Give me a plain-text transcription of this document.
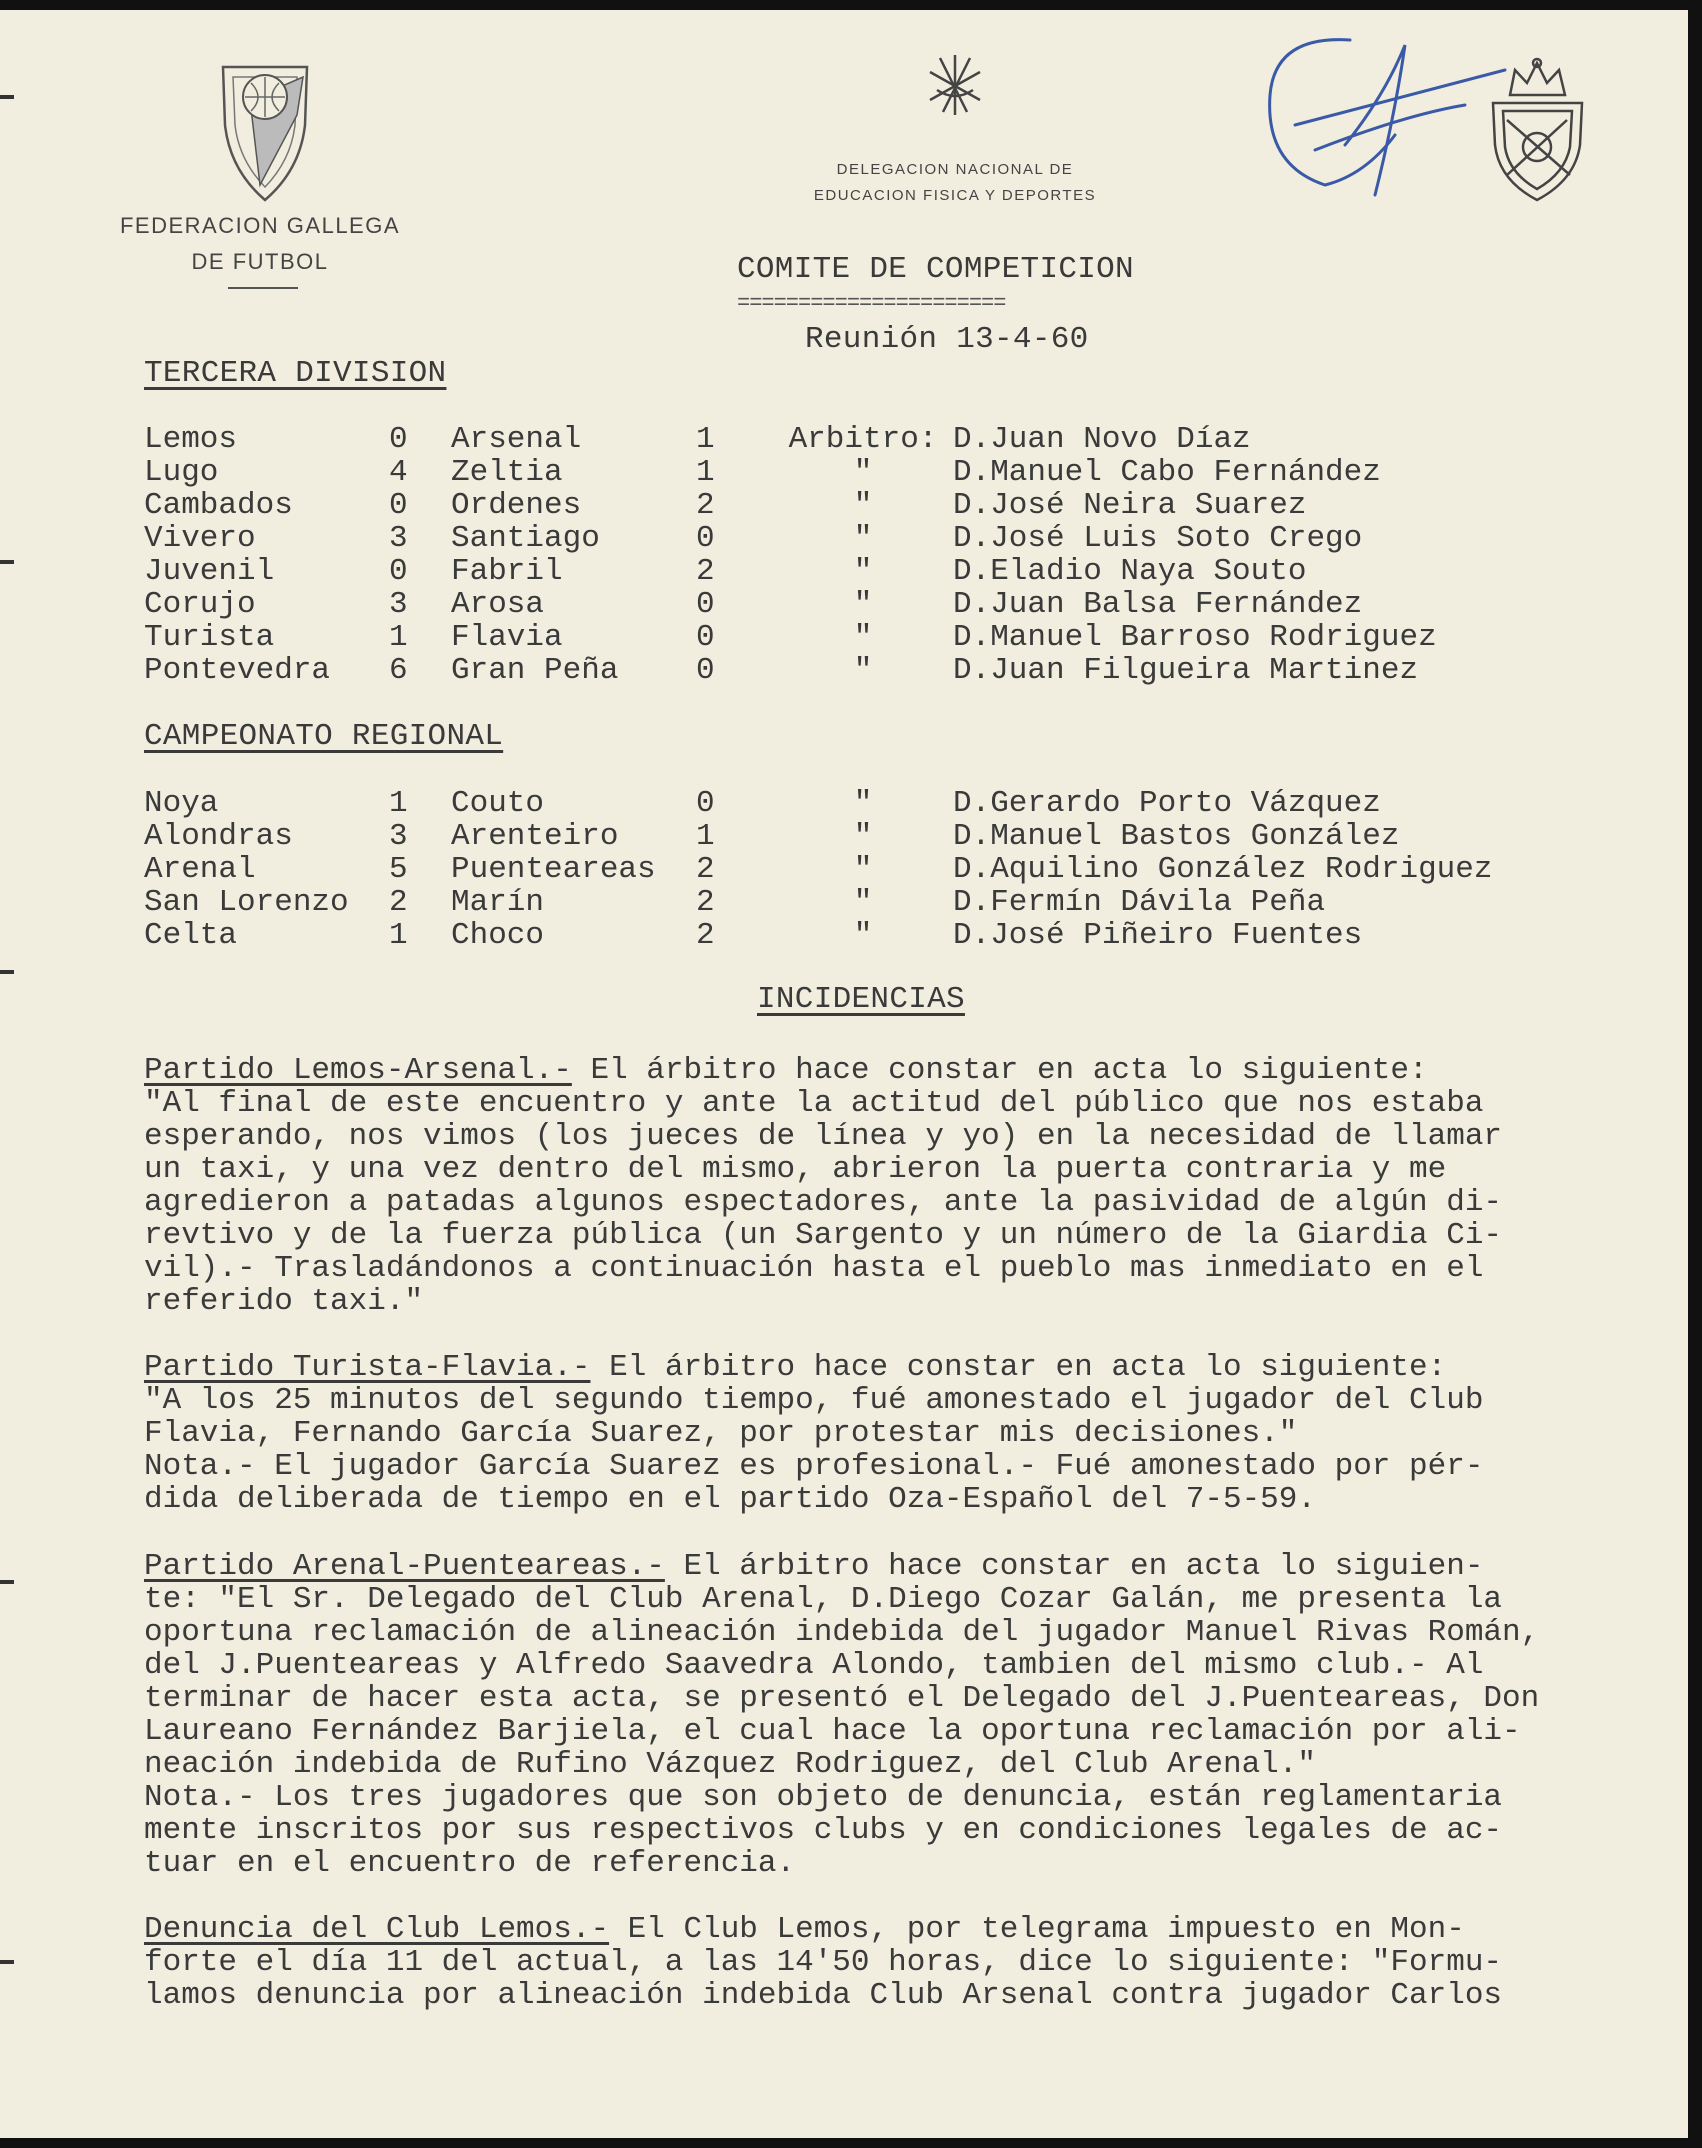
FEDERACION GALLEGA
DE FUTBOL
DELEGACION NACIONAL DE
EDUCACION FISICA Y DEPORTES
COMITE DE COMPETICION
======================
Reunión 13-4-60
TERCERA DIVISION
Lemos	0	Arsenal	1	Arbitro:	D.Juan Novo Díaz
Lugo	4	Zeltia	1	"	D.Manuel Cabo Fernández
Cambados	0	Ordenes	2	"	D.José Neira Suarez
Vivero	3	Santiago	0	"	D.José Luis Soto Crego
Juvenil	0	Fabril	2	"	D.Eladio Naya Souto
Corujo	3	Arosa	0	"	D.Juan Balsa Fernández
Turista	1	Flavia	0	"	D.Manuel Barroso Rodriguez
Pontevedra	6	Gran Peña	0	"	D.Juan Filgueira Martinez
CAMPEONATO REGIONAL
Noya	1	Couto	0	"	D.Gerardo Porto Vázquez
Alondras	3	Arenteiro	1	"	D.Manuel Bastos González
Arenal	5	Puenteareas	2	"	D.Aquilino González Rodriguez
San Lorenzo	2	Marín	2	"	D.Fermín Dávila Peña
Celta	1	Choco	2	"	D.José Piñeiro Fuentes
INCIDENCIAS
Partido Lemos-Arsenal.- El árbitro hace constar en acta lo siguiente:
"Al final de este encuentro y ante la actitud del público que nos estaba
esperando, nos vimos (los jueces de línea y yo) en la necesidad de llamar
un taxi, y una vez dentro del mismo, abrieron la puerta contraria y me
agredieron a patadas algunos espectadores, ante la pasividad de algún di-
revtivo y de la fuerza pública (un Sargento y un número de la Giardia Ci-
vil).- Trasladándonos a continuación hasta el pueblo mas inmediato en el
referido taxi."
Partido Turista-Flavia.- El árbitro hace constar en acta lo siguiente:
"A los 25 minutos del segundo tiempo, fué amonestado el jugador del Club
Flavia, Fernando García Suarez, por protestar mis decisiones."
Nota.- El jugador García Suarez es profesional.- Fué amonestado por pér-
dida deliberada de tiempo en el partido Oza-Español del 7-5-59.
Partido Arenal-Puenteareas.- El árbitro hace constar en acta lo siguien-
te: "El Sr. Delegado del Club Arenal, D.Diego Cozar Galán, me presenta la
oportuna reclamación de alineación indebida del jugador Manuel Rivas Román,
del J.Puenteareas y Alfredo Saavedra Alondo, tambien del mismo club.- Al
terminar de hacer esta acta, se presentó el Delegado del J.Puenteareas, Don
Laureano Fernández Barjiela, el cual hace la oportuna reclamación por ali-
neación indebida de Rufino Vázquez Rodriguez, del Club Arenal."
Nota.- Los tres jugadores que son objeto de denuncia, están reglamentaria
mente inscritos por sus respectivos clubs y en condiciones legales de ac-
tuar en el encuentro de referencia.
Denuncia del Club Lemos.- El Club Lemos, por telegrama impuesto en Mon-
forte el día 11 del actual, a las 14'50 horas, dice lo siguiente: "Formu-
lamos denuncia por alineación indebida Club Arsenal contra jugador Carlos
